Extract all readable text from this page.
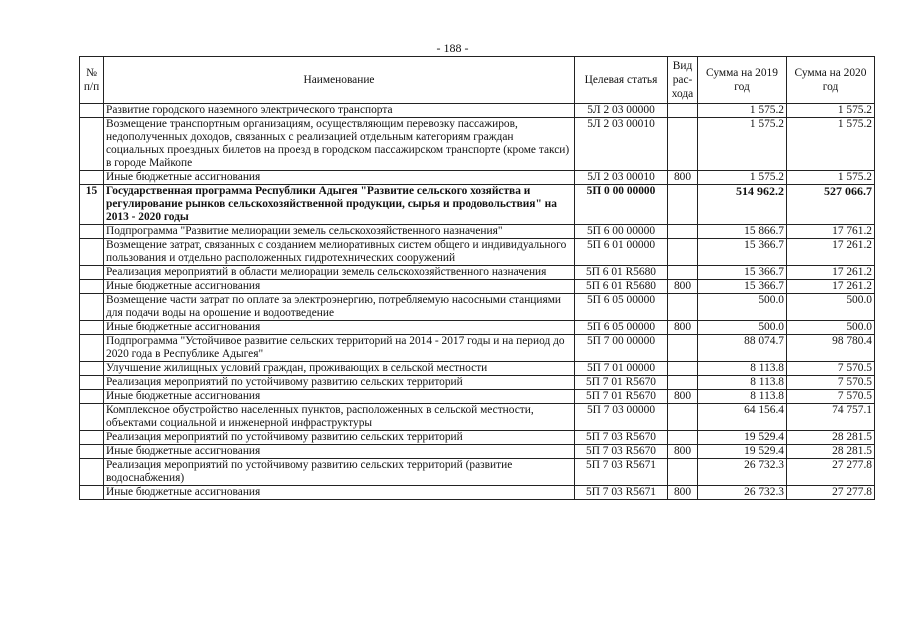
- 188 -
№ п/п	Наименование	Целевая статья	Вид рас-хода	Сумма на 2019 год	Сумма на 2020 год
	Развитие городского наземного электрического транспорта	5Л 2 03 00000		1 575.2	1 575.2
	Возмещение транспортным организациям, осуществляющим перевозку пассажиров, недополученных доходов, связанных с реализацией отдельным категориям граждан социальных проездных билетов на проезд в городском пассажирском транспорте (кроме такси) в городе Майкопе	5Л 2 03 00010		1 575.2	1 575.2
	Иные бюджетные ассигнования	5Л 2 03 00010	800	1 575.2	1 575.2
15	Государственная программа Республики Адыгея "Развитие сельского хозяйства и регулирование рынков сельскохозяйственной продукции, сырья и продовольствия" на 2013 - 2020 годы	5П 0 00 00000		514 962.2	527 066.7
	Подпрограмма "Развитие мелиорации земель сельскохозяйственного назначения"	5П 6 00 00000		15 866.7	17 761.2
	Возмещение затрат, связанных с созданием мелиоративных систем общего и индивидуального пользования и отдельно расположенных гидротехнических сооружений	5П 6 01 00000		15 366.7	17 261.2
	Реализация мероприятий в области мелиорации земель сельскохозяйственного назначения	5П 6 01 R5680		15 366.7	17 261.2
	Иные бюджетные ассигнования	5П 6 01 R5680	800	15 366.7	17 261.2
	Возмещение части затрат по оплате за электроэнергию, потребляемую насосными станциями для подачи воды на орошение и водоотведение	5П 6 05 00000		500.0	500.0
	Иные бюджетные ассигнования	5П 6 05 00000	800	500.0	500.0
	Подпрограмма "Устойчивое развитие сельских территорий на 2014 - 2017 годы и на период до 2020 года в Республике Адыгея"	5П 7 00 00000		88 074.7	98 780.4
	Улучшение жилищных условий граждан, проживающих в сельской местности	5П 7 01 00000		8 113.8	7 570.5
	Реализация мероприятий по устойчивому развитию сельских территорий	5П 7 01 R5670		8 113.8	7 570.5
	Иные бюджетные ассигнования	5П 7 01 R5670	800	8 113.8	7 570.5
	Комплексное обустройство населенных пунктов, расположенных в сельской местности, объектами социальной и инженерной инфраструктуры	5П 7 03 00000		64 156.4	74 757.1
	Реализация мероприятий по устойчивому развитию сельских территорий	5П 7 03 R5670		19 529.4	28 281.5
	Иные бюджетные ассигнования	5П 7 03 R5670	800	19 529.4	28 281.5
	Реализация мероприятий по устойчивому развитию сельских территорий (развитие водоснабжения)	5П 7 03 R5671		26 732.3	27 277.8
	Иные бюджетные ассигнования	5П 7 03 R5671	800	26 732.3	27 277.8
